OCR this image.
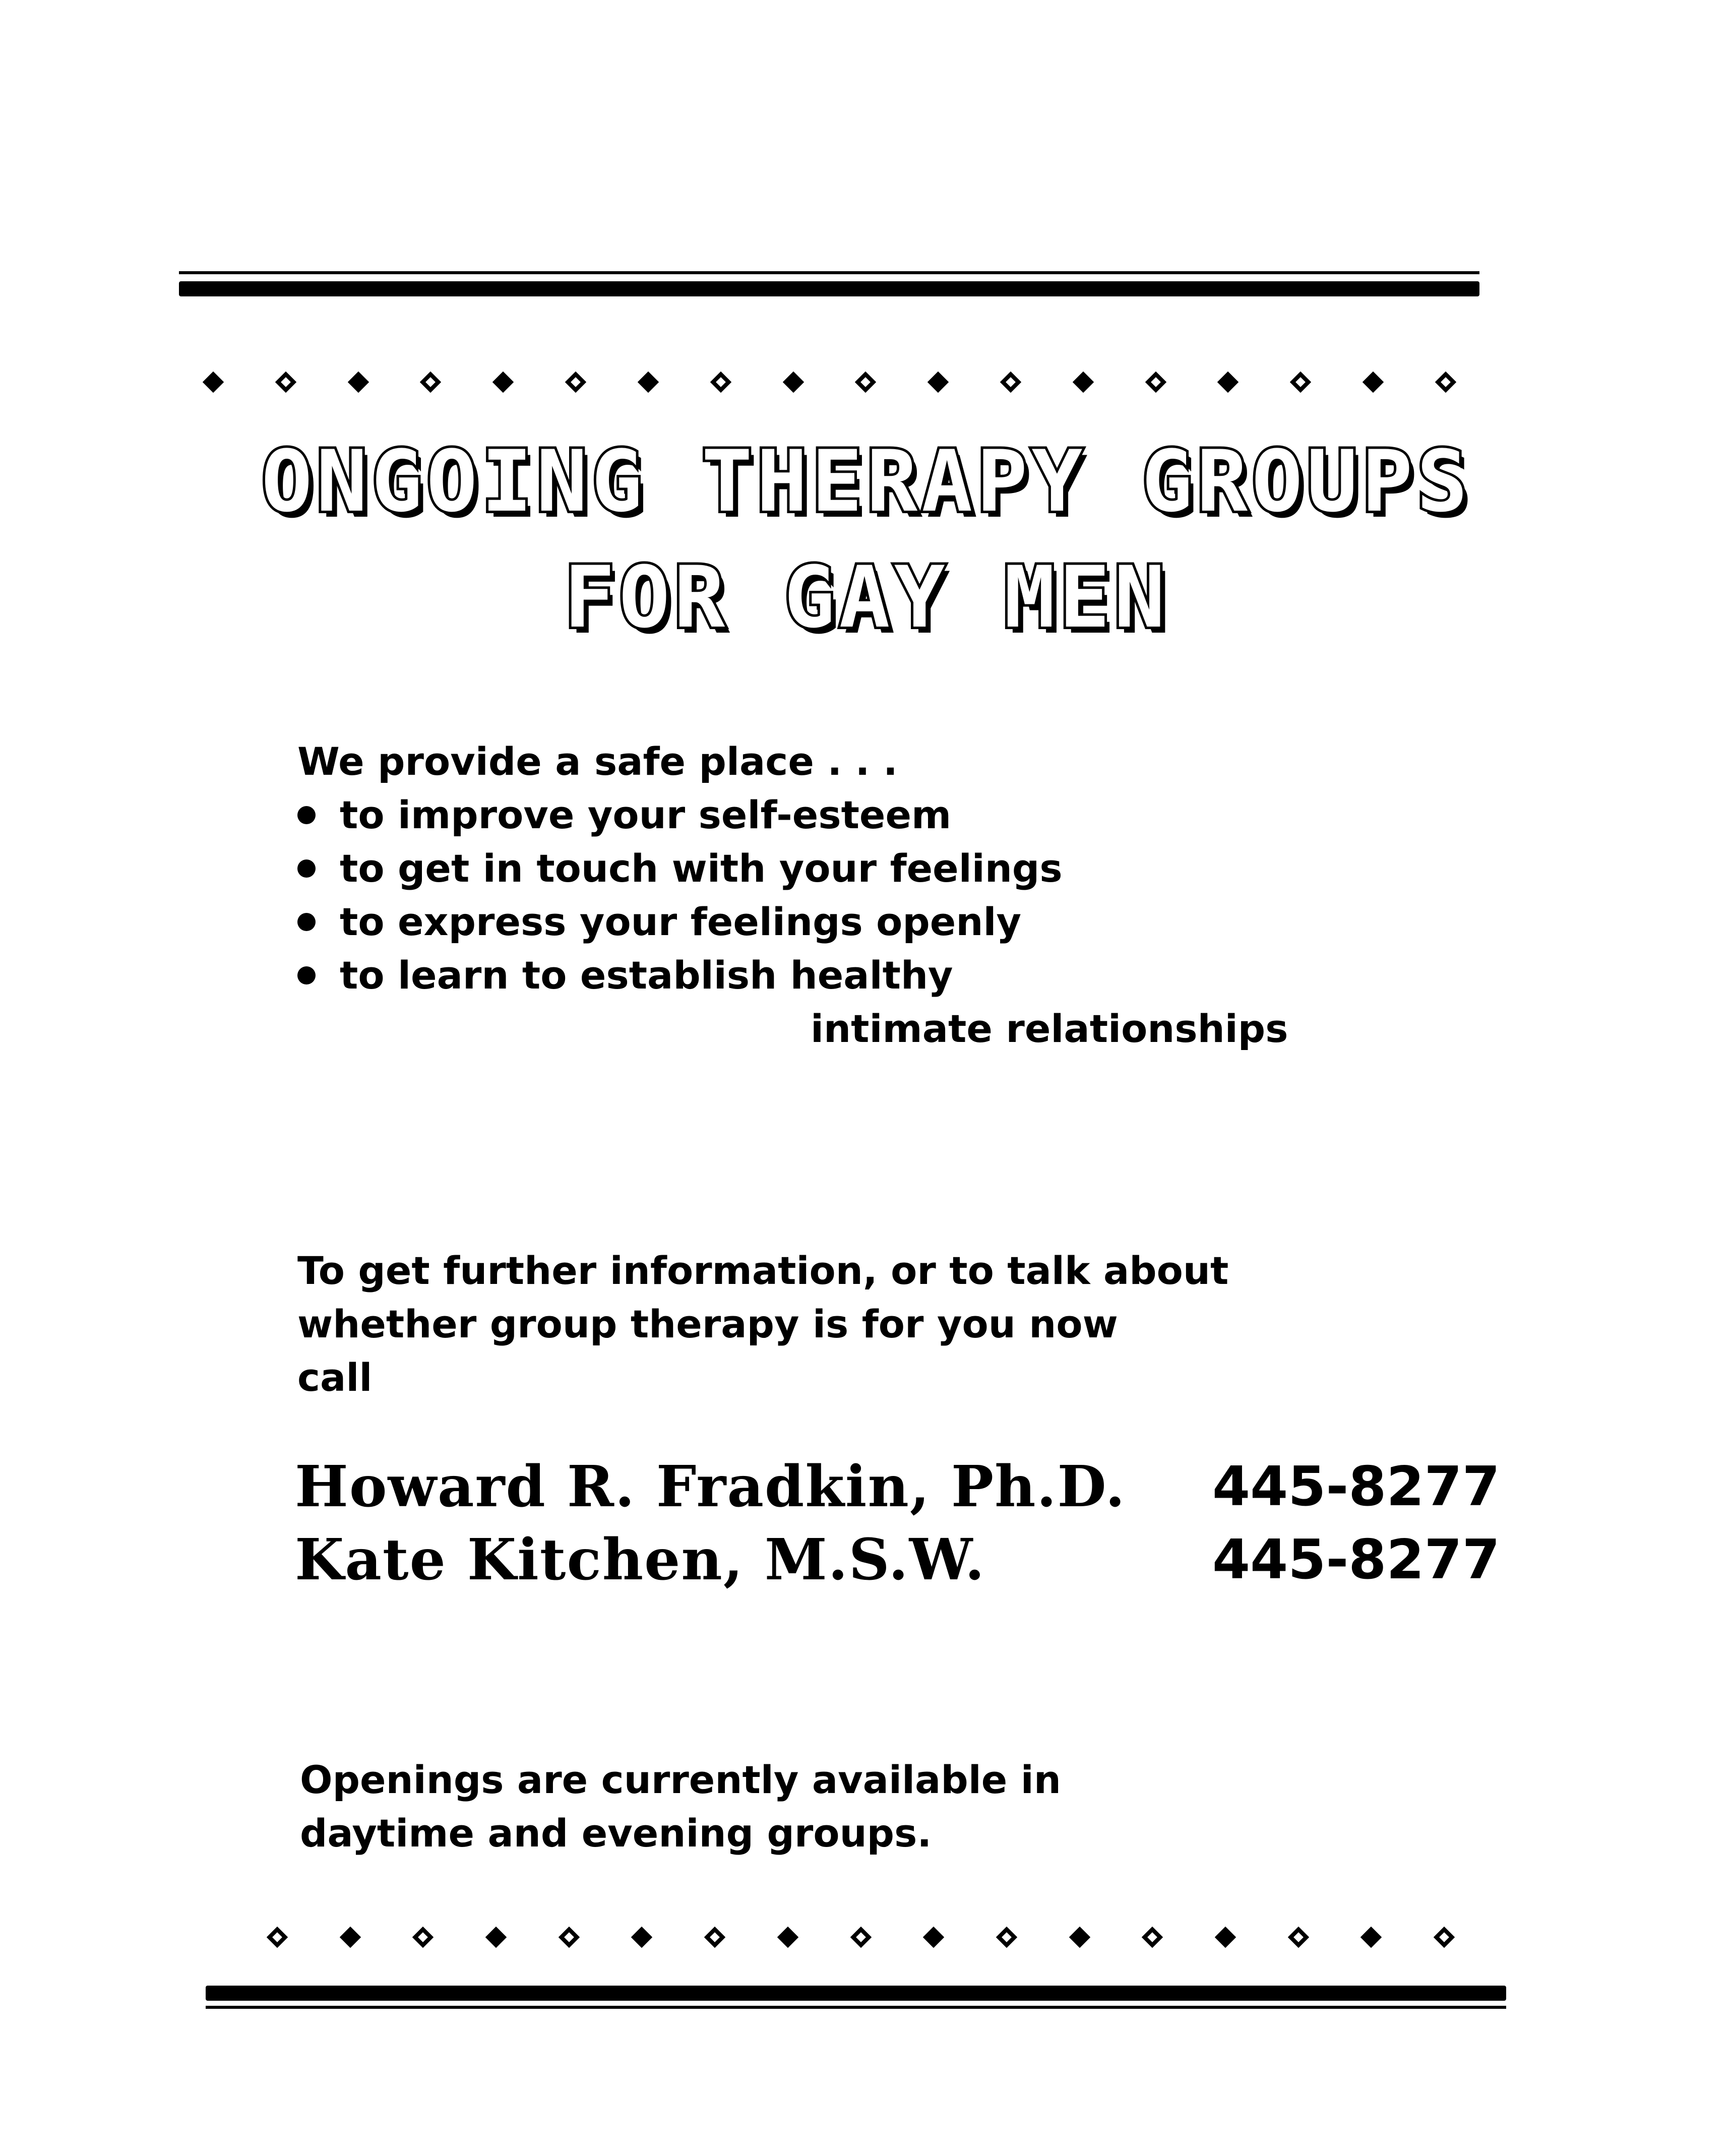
ONGOING THERAPY GROUPS
FOR GAY MEN
We provide a safe place . . .
to improve your self-esteem
to get in touch with your feelings
to express your feelings openly
to learn to establish healthy
intimate relationships
To get further information, or to talk about
whether group therapy is for you now
call
Howard R. Fradkin, Ph.D. 445-8277
Kate Kitchen, M.S.W.	445-8277
Openings are currently available in
daytime and evening groups.
